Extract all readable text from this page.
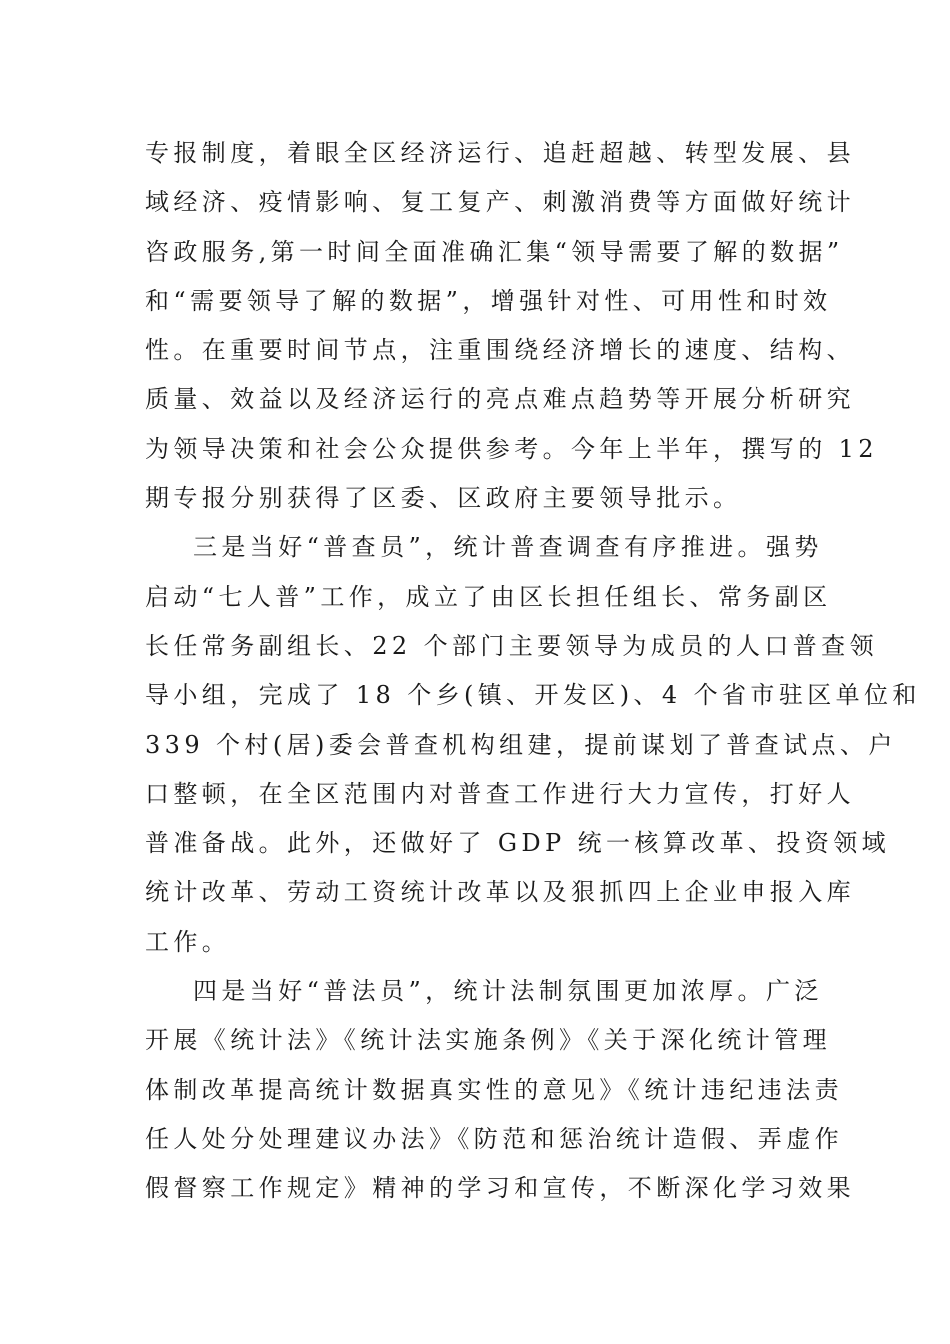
专报制度，着眼全区经济运行、追赶超越、转型发展、县
域经济、疫情影响、复工复产、刺激消费等方面做好统计
咨政服务,第一时间全面准确汇集“领导需要了解的数据”
和“需要领导了解的数据”，增强针对性、可用性和时效
性。在重要时间节点，注重围绕经济增长的速度、结构、
质量、效益以及经济运行的亮点难点趋势等开展分析研究
为领导决策和社会公众提供参考。今年上半年，撰写的 12
期专报分别获得了区委、区政府主要领导批示。
三是当好“普查员”，统计普查调查有序推进。强势
启动“七人普”工作，成立了由区长担任组长、常务副区
长任常务副组长、22 个部门主要领导为成员的人口普查领
导小组，完成了 18 个乡(镇、开发区)、4 个省市驻区单位和
339 个村(居)委会普查机构组建，提前谋划了普查试点、户
口整顿，在全区范围内对普查工作进行大力宣传，打好人
普准备战。此外，还做好了 GDP 统一核算改革、投资领域
统计改革、劳动工资统计改革以及狠抓四上企业申报入库
工作。
四是当好“普法员”，统计法制氛围更加浓厚。广泛
开展《统计法》《统计法实施条例》《关于深化统计管理
体制改革提高统计数据真实性的意见》《统计违纪违法责
任人处分处理建议办法》《防范和惩治统计造假、弄虚作
假督察工作规定》精神的学习和宣传，不断深化学习效果
